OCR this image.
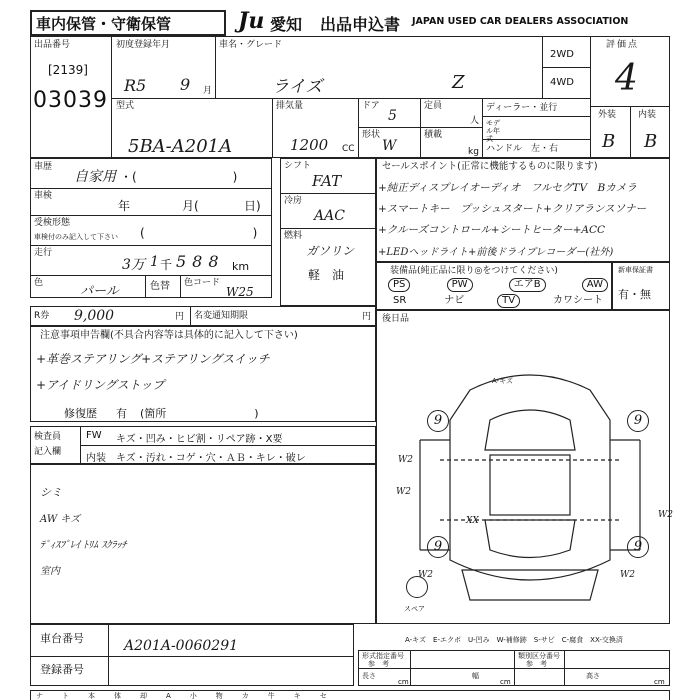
車内保管・守衛保管	Ju 愛知 出品申込書 JAPAN USED CAR DEALERS ASSOCIATION
出品番号
[2139]
03039
初度登録年月
R5 9 月
車名・グレード
ライズ	Z
2WD
4WD
評価点
4
外装 内装
B B
型式
5BA-A201A
排気量
1200 CC
ドア
5
定員
人
形状
W
積載
kg
ディーラー・並行
モデル年式
ハンドル　左・右
車歴
自家用 ・(　　　　　　　　)
車検
年	月(	日)
受検形態
車検付のみ記入して下さい (　　　　　　　　　)
走行
3万 1 千 588 km
色
パール	色替 色コード
W25
シフト
FAT
冷房
AAC
燃料
ガソリン
軽　油
セールスポイント(正常に機能するものに限ります)
+純正ディスプレイオーディオ　フルセグTV　Bカメラ
+スマートキー　プッシュスタート+クリアランスソナー
+クルーズコントロール+シートヒーター+ACC
+LEDヘッドライト+前後ドライブレコーダー(社外)
装備品(純正品に限り◎をつけてください)
PS	PW	エアB	AW
SR	ナビ	TV	カワシート
新車保証書
有・無
R券 9,000	円 名変通知期限	円 後日品
注意事項申告欄(不具合内容等は具体的に記入して下さい)
+革巻ステアリング+ステアリングスイッチ
+アイドリングストップ
修復歴 有 (箇所　　　　　　　　)
検査員
記入欄
FW キズ・凹み・ヒビ割・リペア跡・X要
内装 キズ・汚れ・コゲ・穴・ＡＢ・キレ・破レ
シミ
AW キズ
ﾃﾞｨｽﾌﾟﾚｲ ﾄﾘﾑ ｽｸﾗｯﾁ
室内
A-キズ
9	9
9	9
スペア
W2
W2
W2
XX
W2	W2
A-キズ　E-エクボ　U-凹み　W-補修跡　S-サビ　C-腐食　XX-交換済
車台番号	A201A-0060291
登録番号
形式指定番号
参　考
長さ
cm
幅
cm
類別区分番号
参　考
高さ
cm
ナ　ト　本　体　却　A　小　物　カ　牛　キ　セ
